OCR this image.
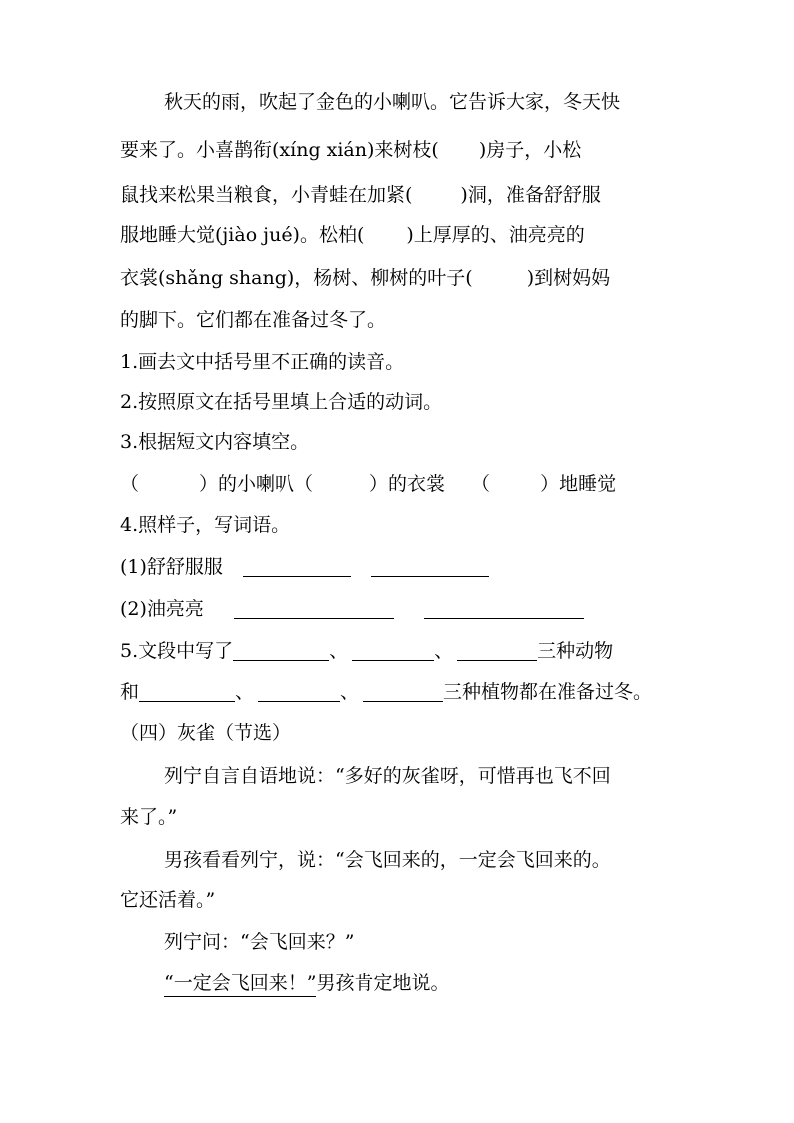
秋天的雨，吹起了金色的小喇叭。它告诉大家，冬天快
要来了。小喜鹊衔(xíng xián)来树枝( )房子，小松
鼠找来松果当粮食，小青蛙在加紧(	)洞，准备舒舒服
服地睡大觉(jiào jué)。松柏( )上厚厚的、油亮亮的
衣裳(shǎng shang)，杨树、柳树的叶子(	)到树妈妈
的脚下。它们都在准备过冬了。
1.画去文中括号里不正确的读音。
2.按照原文在括号里填上合适的动词。
3.根据短文内容填空。
（	）的小喇叭（	）的衣裳 （	）地睡觉
4.照样子，写词语。
(1)舒舒服服
(2)油亮亮
5.文段中写了	、	、	三种动物
和	、	、	三种植物都在准备过冬。
（四）灰雀（节选）
列宁自言自语地说：“多好的灰雀呀，可惜再也飞不回
来了。”
男孩看看列宁，说：“会飞回来的，一定会飞回来的。
它还活着。”
列宁问：“会飞回来？”
“一定会飞回来！”男孩肯定地说。
